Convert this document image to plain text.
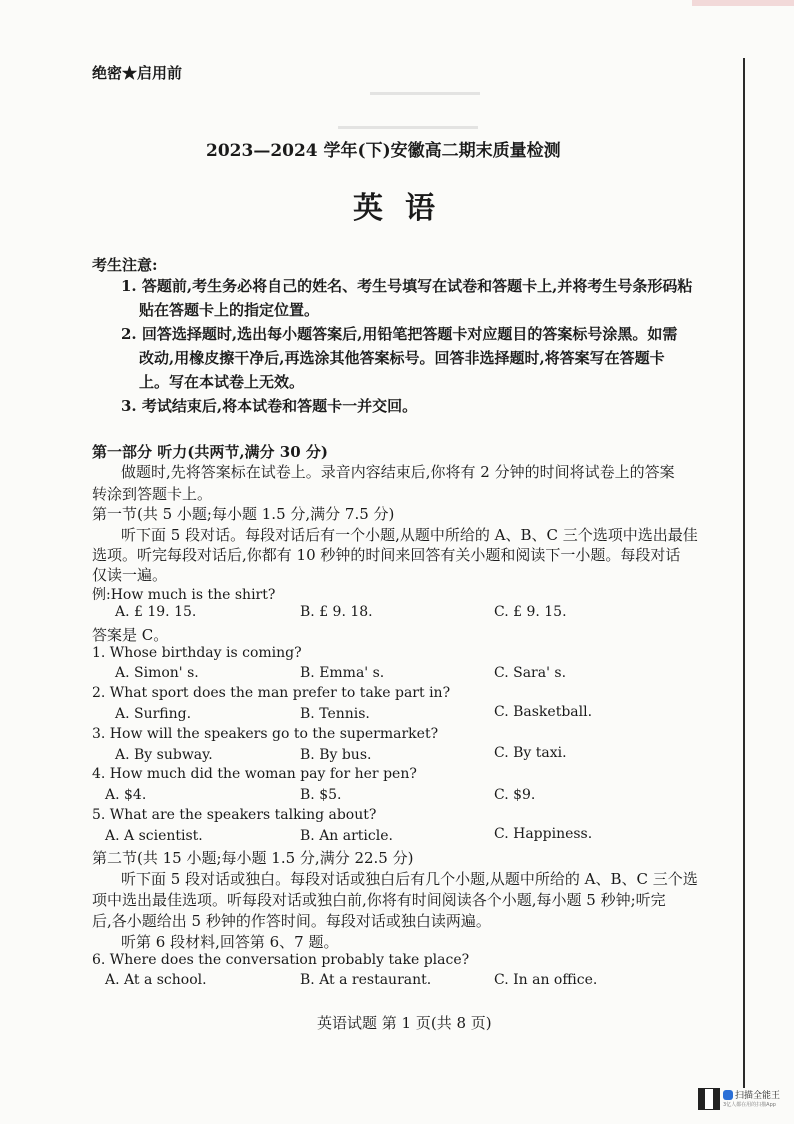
绝密★启用前
2023—2024 学年(下)安徽高二期末质量检测
英语
考生注意:
1. 答题前,考生务必将自己的姓名、考生号填写在试卷和答题卡上,并将考生号条形码粘
贴在答题卡上的指定位置。
2. 回答选择题时,选出每小题答案后,用铅笔把答题卡对应题目的答案标号涂黑。如需
改动,用橡皮擦干净后,再选涂其他答案标号。回答非选择题时,将答案写在答题卡
上。写在本试卷上无效。
3. 考试结束后,将本试卷和答题卡一并交回。
第一部分 听力(共两节,满分 30 分)
做题时,先将答案标在试卷上。录音内容结束后,你将有 2 分钟的时间将试卷上的答案
转涂到答题卡上。
第一节(共 5 小题;每小题 1.5 分,满分 7.5 分)
听下面 5 段对话。每段对话后有一个小题,从题中所给的 A、B、C 三个选项中选出最佳
选项。听完每段对话后,你都有 10 秒钟的时间来回答有关小题和阅读下一小题。每段对话
仅读一遍。
例:How much is the shirt?
A. £ 19. 15.	B. £ 9. 18.	C. £ 9. 15.
答案是 C。
1. Whose birthday is coming?
A. Simon' s.	B. Emma' s.	C. Sara' s.
2. What sport does the man prefer to take part in?
A. Surfing.	B. Tennis.	C. Basketball.
3. How will the speakers go to the supermarket?
A. By subway.	B. By bus.	C. By taxi.
4. How much did the woman pay for her pen?
A. $4.	B. $5.	C. $9.
5. What are the speakers talking about?
A. A scientist.	B. An article.	C. Happiness.
第二节(共 15 小题;每小题 1.5 分,满分 22.5 分)
听下面 5 段对话或独白。每段对话或独白后有几个小题,从题中所给的 A、B、C 三个选
项中选出最佳选项。听每段对话或独白前,你将有时间阅读各个小题,每小题 5 秒钟;听完
后,各小题给出 5 秒钟的作答时间。每段对话或独白读两遍。
听第 6 段材料,回答第 6、7 题。
6. Where does the conversation probably take place?
A. At a school.	B. At a restaurant.	C. In an office.
英语试题 第 1 页(共 8 页)
扫描全能王
3亿人都在用的扫描App
